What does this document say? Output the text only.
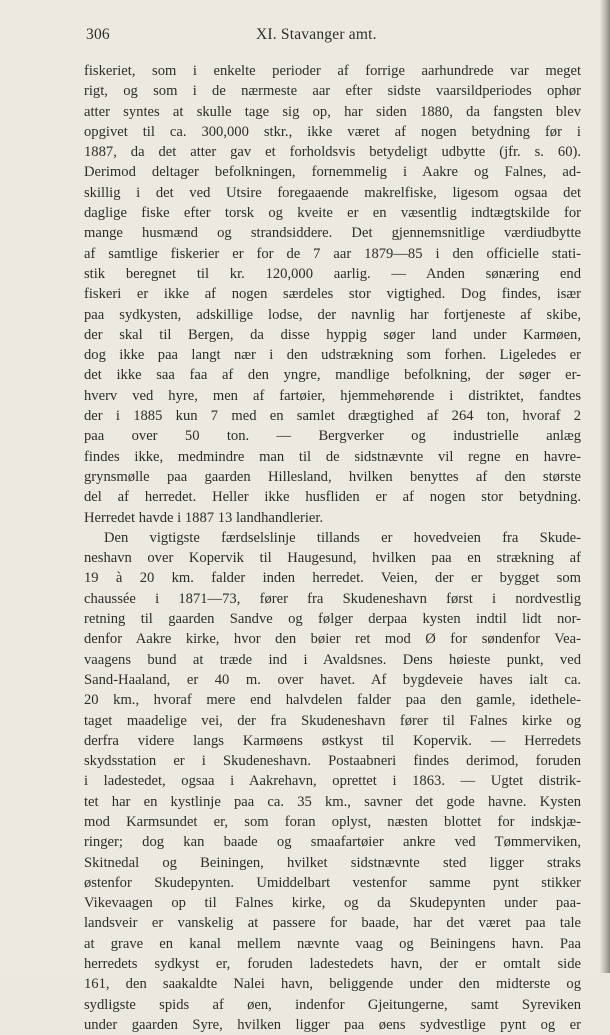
306	XI. Stavanger amt.
fiskeriet, som i enkelte perioder af forrige aarhundrede var meget
rigt, og som i de nærmeste aar efter sidste vaarsildperiodes ophør
atter syntes at skulle tage sig op, har siden 1880, da fangsten blev
opgivet til ca. 300,000 stkr., ikke været af nogen betydning før i
1887, da det atter gav et forholdsvis betydeligt udbytte (jfr. s. 60).
Derimod deltager befolkningen, fornemmelig i Aakre og Falnes, ad-
skillig i det ved Utsire foregaaende makrelfiske, ligesom ogsaa det
daglige fiske efter torsk og kveite er en væsentlig indtægtskilde for
mange husmænd og strandsiddere. Det gjennemsnitlige værdiudbytte
af samtlige fiskerier er for de 7 aar 1879—85 i den officielle stati-
stik beregnet til kr. 120,000 aarlig. — Anden sønæring end
fiskeri er ikke af nogen særdeles stor vigtighed. Dog findes, især
paa sydkysten, adskillige lodse, der navnlig har fortjeneste af skibe,
der skal til Bergen, da disse hyppig søger land under Karmøen,
dog ikke paa langt nær i den udstrækning som forhen. Ligeledes er
det ikke saa faa af den yngre, mandlige befolkning, der søger er-
hverv ved hyre, men af fartøier, hjemmehørende i distriktet, fandtes
der i 1885 kun 7 med en samlet drægtighed af 264 ton, hvoraf 2
paa over 50 ton. — Bergverker og industrielle anlæg
findes ikke, medmindre man til de sidstnævnte vil regne en havre-
grynsmølle paa gaarden Hillesland, hvilken benyttes af den største
del af herredet. Heller ikke husfliden er af nogen stor betydning.
Herredet havde i 1887 13 landhandlerier.
Den vigtigste færdselslinje tillands er hovedveien fra Skude-
neshavn over Kopervik til Haugesund, hvilken paa en strækning af
19 à 20 km. falder inden herredet. Veien, der er bygget som
chaussée i 1871—73, fører fra Skudeneshavn først i nordvestlig
retning til gaarden Sandve og følger derpaa kysten indtil lidt nor-
denfor Aakre kirke, hvor den bøier ret mod Ø for søndenfor Vea-
vaagens bund at træde ind i Avaldsnes. Dens høieste punkt, ved
Sand-Haaland, er 40 m. over havet. Af bygdeveie haves ialt ca.
20 km., hvoraf mere end halvdelen falder paa den gamle, idethele-
taget maadelige vei, der fra Skudeneshavn fører til Falnes kirke og
derfra videre langs Karmøens østkyst til Kopervik. — Herredets
skydsstation er i Skudeneshavn. Postaabneri findes derimod, foruden
i ladestedet, ogsaa i Aakrehavn, oprettet i 1863. — Ugtet distrik-
tet har en kystlinje paa ca. 35 km., savner det gode havne. Kysten
mod Karmsundet er, som foran oplyst, næsten blottet for indskjæ-
ringer; dog kan baade og smaafartøier ankre ved Tømmerviken,
Skitnedal og Beiningen, hvilket sidstnævnte sted ligger straks
østenfor Skudepynten. Umiddelbart vestenfor samme pynt stikker
Vikevaagen op til Falnes kirke, og da Skudepynten under paa-
landsveir er vanskelig at passere for baade, har det været paa tale
at grave en kanal mellem nævnte vaag og Beiningens havn. Paa
herredets sydkyst er, foruden ladestedets havn, der er omtalt side
161, den saakaldte Nalei havn, beliggende under den midterste og
sydligste spids af øen, indenfor Gjeitungerne, samt Syreviken
under gaarden Syre, hvilken ligger paa øens sydvestlige pynt og er
